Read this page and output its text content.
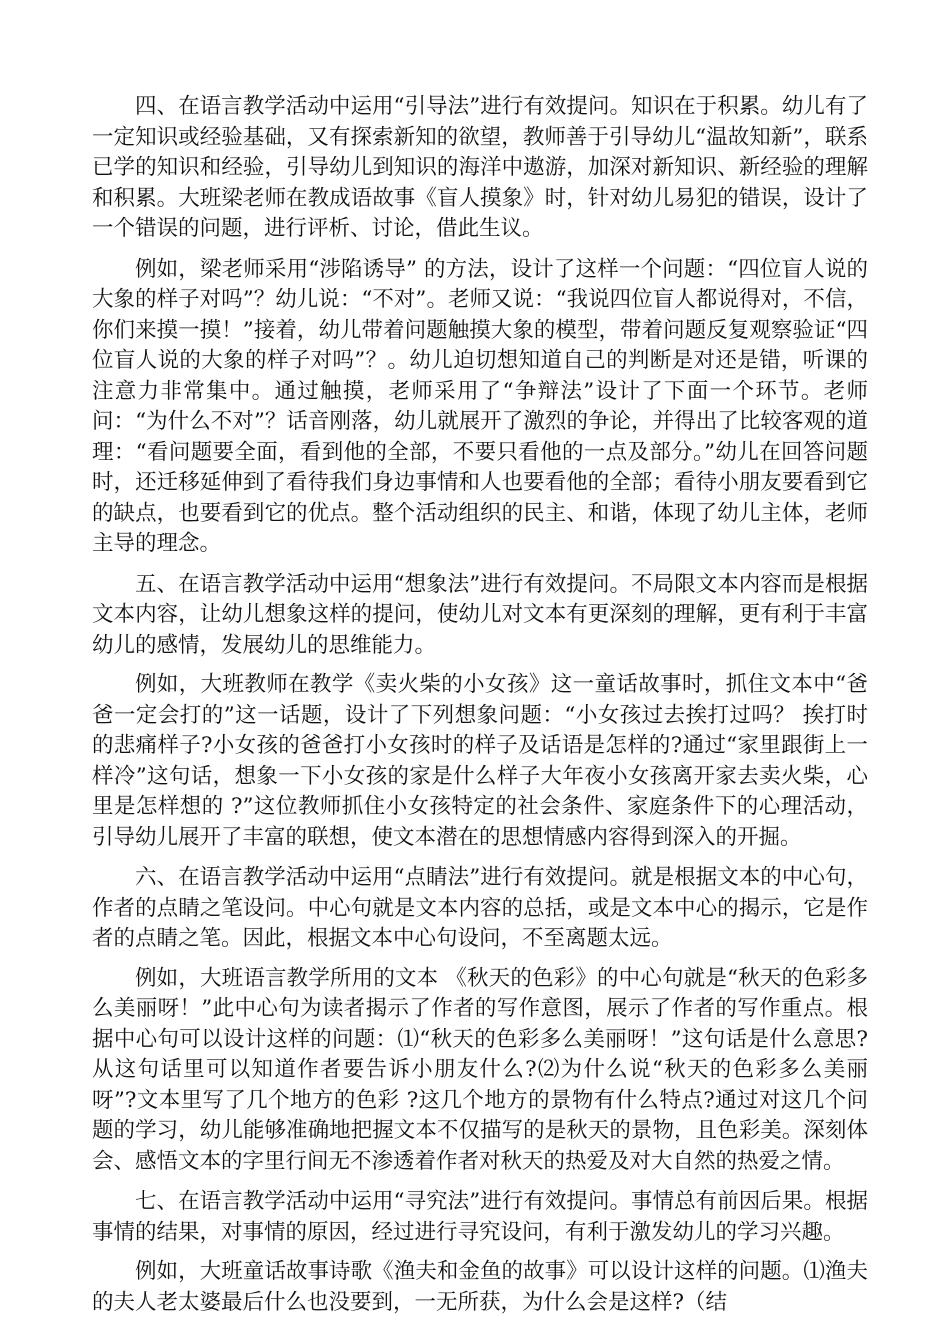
四、在语言教学活动中运用“引导法”进行有效提问。知识在于积累。幼儿有了一定知识或经验基础，又有探索新知的欲望，教师善于引导幼儿“温故知新”，联系已学的知识和经验，引导幼儿到知识的海洋中遨游，加深对新知识、新经验的理解和积累。大班梁老师在教成语故事《盲人摸象》时，针对幼儿易犯的错误，设计了一个错误的问题，进行评析、讨论，借此生议。

例如，梁老师采用“涉陷诱导” 的方法，设计了这样一个问题：“四位盲人说的大象的样子对吗”？幼儿说：“不对”。老师又说：“我说四位盲人都说得对，不信，你们来摸一摸！”接着，幼儿带着问题触摸大象的模型，带着问题反复观察验证“四位盲人说的大象的样子对吗”？。幼儿迫切想知道自己的判断是对还是错，听课的注意力非常集中。通过触摸，老师采用了“争辩法”设计了下面一个环节。老师问：“为什么不对”？话音刚落，幼儿就展开了激烈的争论，并得出了比较客观的道理：“看问题要全面，看到他的全部，不要只看他的一点及部分。”幼儿在回答问题时，还迁移延伸到了看待我们身边事情和人也要看他的全部；看待小朋友要看到它的缺点，也要看到它的优点。整个活动组织的民主、和谐，体现了幼儿主体，老师主导的理念。

五、在语言教学活动中运用“想象法”进行有效提问。不局限文本内容而是根据文本内容，让幼儿想象这样的提问，使幼儿对文本有更深刻的理解，更有利于丰富幼儿的感情，发展幼儿的思维能力。

例如，大班教师在教学《卖火柴的小女孩》这一童话故事时，抓住文本中“爸爸一定会打的”这一话题，设计了下列想象问题：“小女孩过去挨打过吗？ 挨打时的悲痛样子?小女孩的爸爸打小女孩时的样子及话语是怎样的?通过“家里跟街上一样冷”这句话，想象一下小女孩的家是什么样子大年夜小女孩离开家去卖火柴，心里是怎样想的 ?”这位教师抓住小女孩特定的社会条件、家庭条件下的心理活动，引导幼儿展开了丰富的联想，使文本潜在的思想情感内容得到深入的开掘。

六、在语言教学活动中运用“点睛法”进行有效提问。就是根据文本的中心句，作者的点睛之笔设问。中心句就是文本内容的总括，或是文本中心的揭示，它是作者的点睛之笔。因此，根据文本中心句设问，不至离题太远。

例如，大班语言教学所用的文本 《秋天的色彩》的中心句就是“秋天的色彩多么美丽呀！”此中心句为读者揭示了作者的写作意图，展示了作者的写作重点。根据中心句可以设计这样的问题：⑴“秋天的色彩多么美丽呀！”这句话是什么意思?从这句话里可以知道作者要告诉小朋友什么?⑵为什么说“秋天的色彩多么美丽呀”?文本里写了几个地方的色彩 ?这几个地方的景物有什么特点?通过对这几个问题的学习，幼儿能够准确地把握文本不仅描写的是秋天的景物，且色彩美。深刻体会、感悟文本的字里行间无不渗透着作者对秋天的热爱及对大自然的热爱之情。

七、在语言教学活动中运用“寻究法”进行有效提问。事情总有前因后果。根据事情的结果，对事情的原因，经过进行寻究设问，有利于激发幼儿的学习兴趣。

例如，大班童话故事诗歌《渔夫和金鱼的故事》可以设计这样的问题。⑴渔夫的夫人老太婆最后什么也没要到，一无所获，为什么会是这样?（结
